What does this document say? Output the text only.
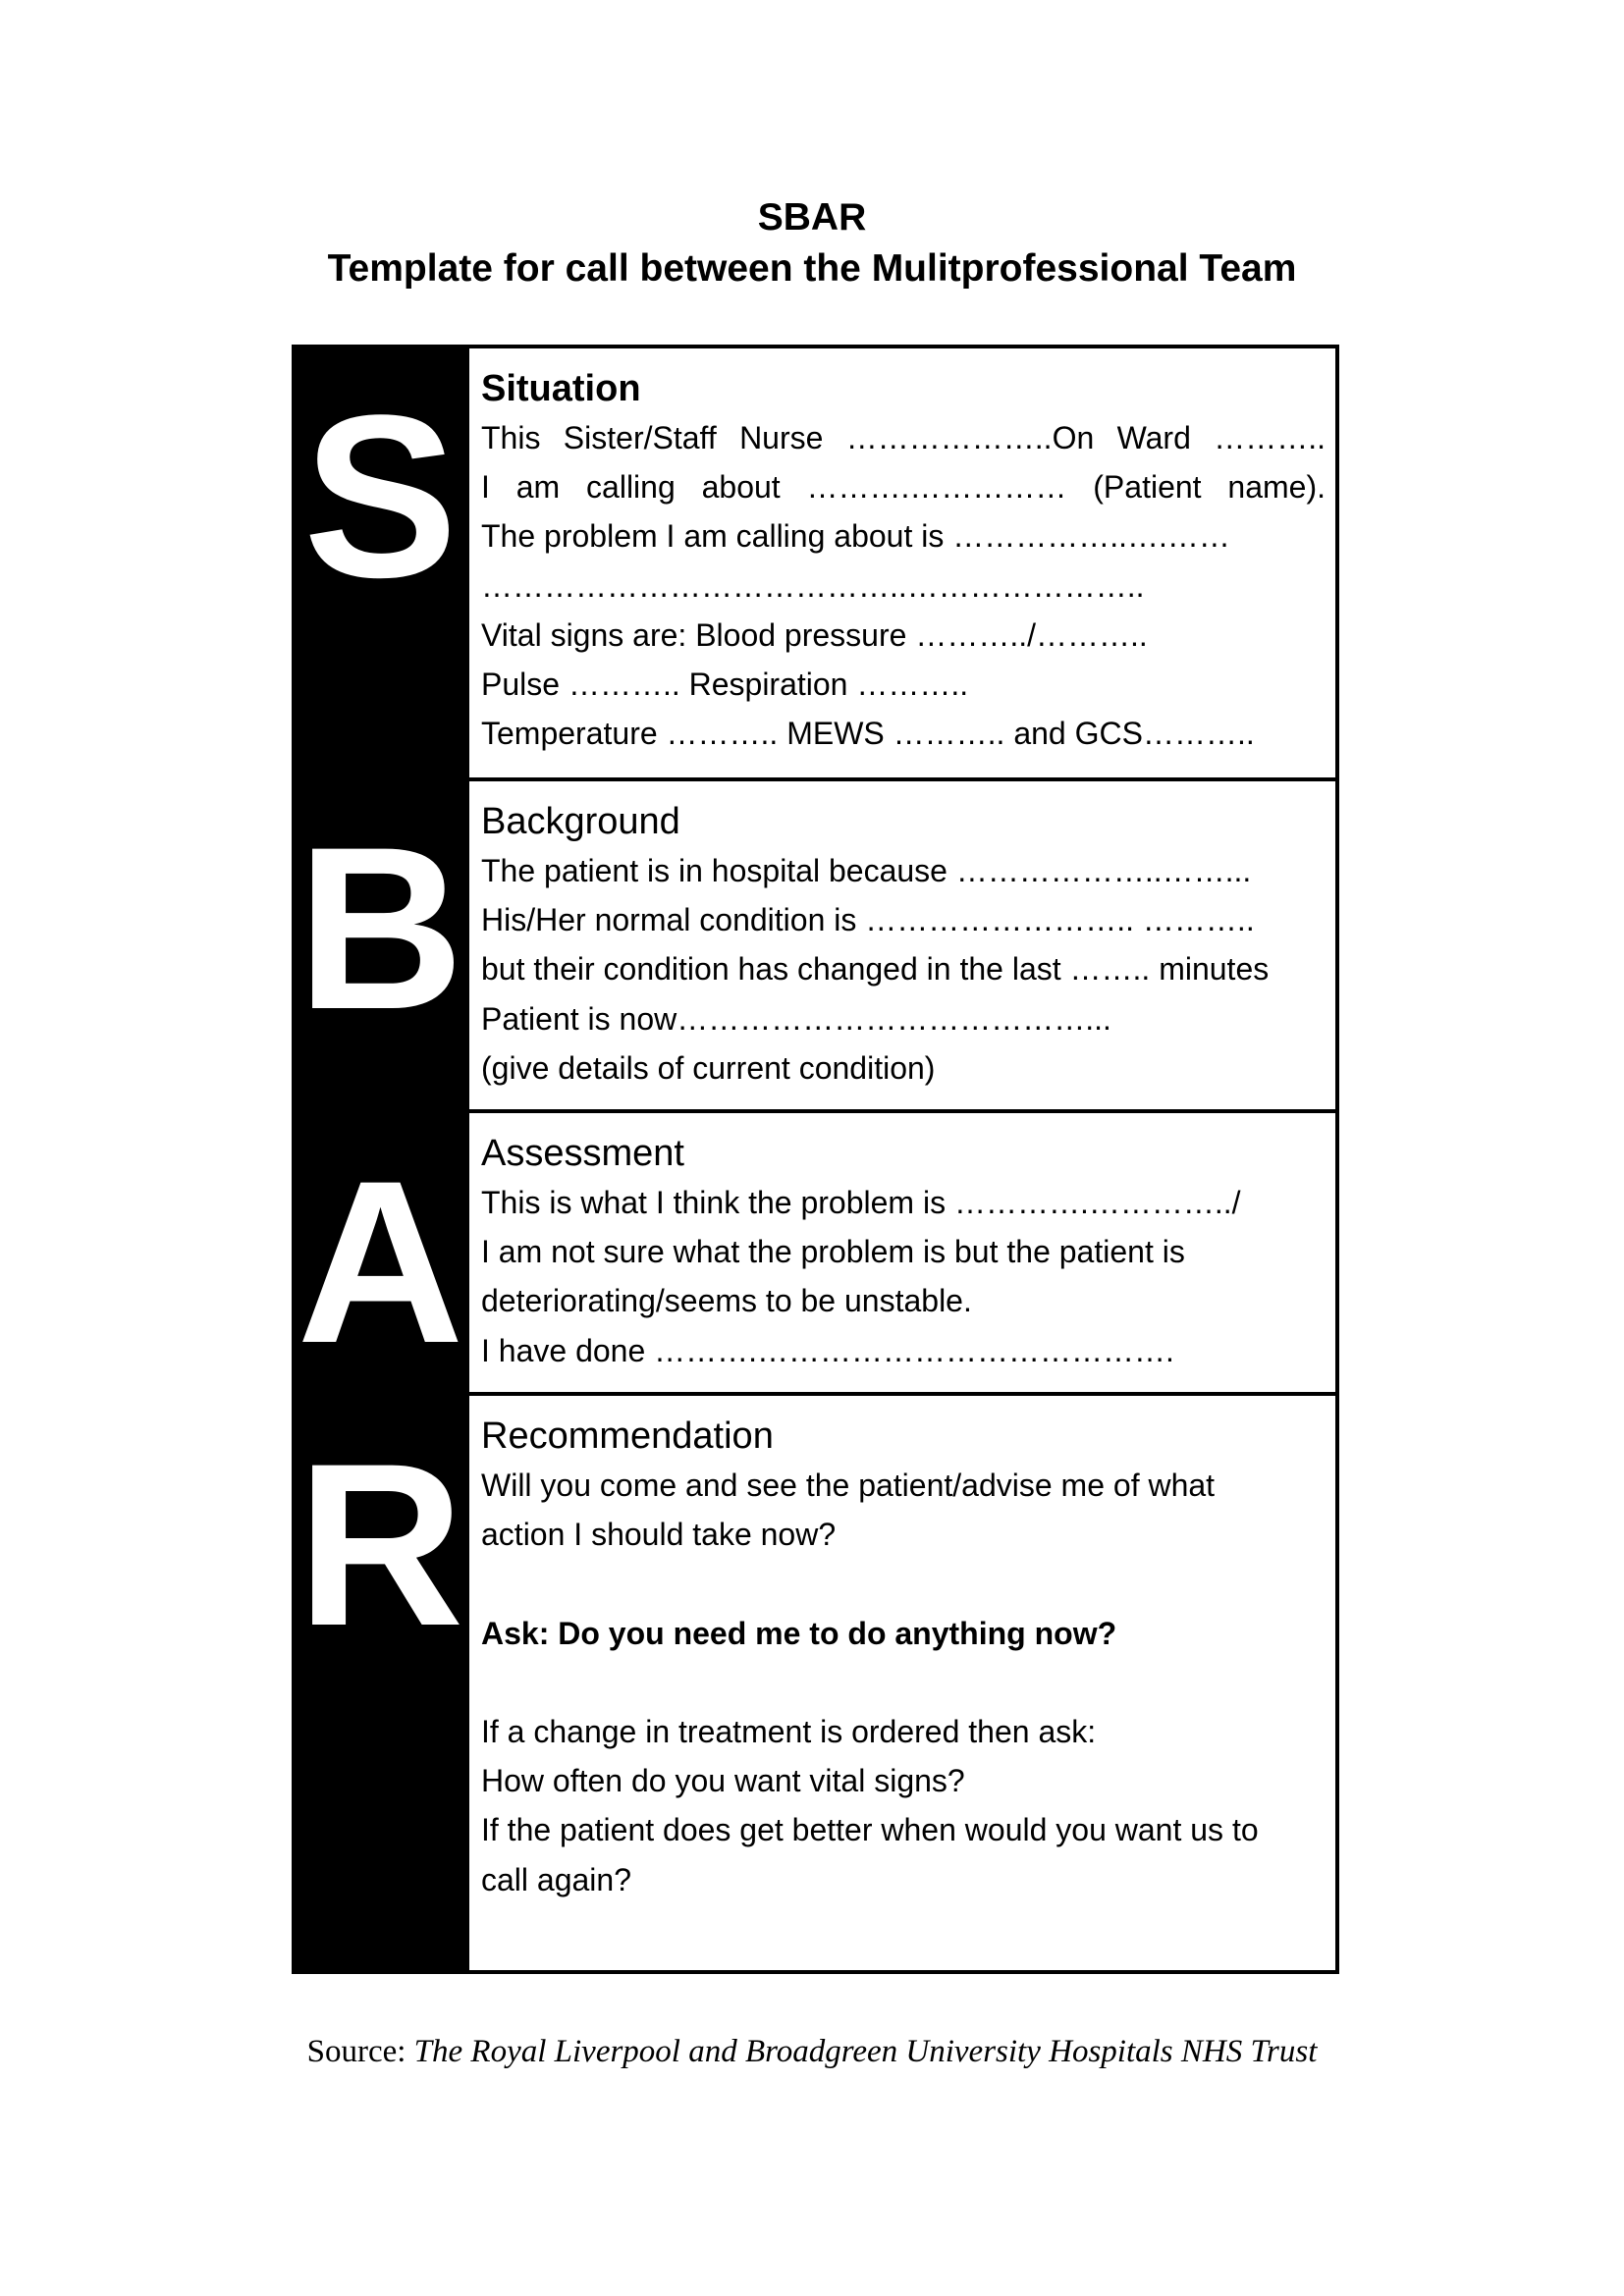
SBAR
Template for call between the Mulitprofessional Team
Situation
This Sister/Staff Nurse ………………..On Ward ………..
I am calling about ……….…………… (Patient name).
The problem I am calling about is ……………..….……
…………………………………..…………………..
Vital signs are: Blood pressure ………../………..
Pulse ……….. Respiration ………..
Temperature ……….. MEWS ……….. and GCS………..
Background
The patient is in hospital because ………………..……...
His/Her normal condition is …………………….. ………..
but their condition has changed in the last …….. minutes
Patient is now…………………………………...
(give details of current condition)
Assessment
This is what I think the problem is ………….…………../
I am not sure what the problem is but the patient is
deteriorating/seems to be unstable.
I have done ……….………………………………….
Recommendation
Will you come and see the patient/advise me of what
action I should take now?
Ask: Do you need me to do anything now?
If a change in treatment is ordered then ask:
How often do you want vital signs?
If the patient does get better when would you want us to
call again?
S
B
A
R
Source: The Royal Liverpool and Broadgreen University Hospitals NHS Trust
